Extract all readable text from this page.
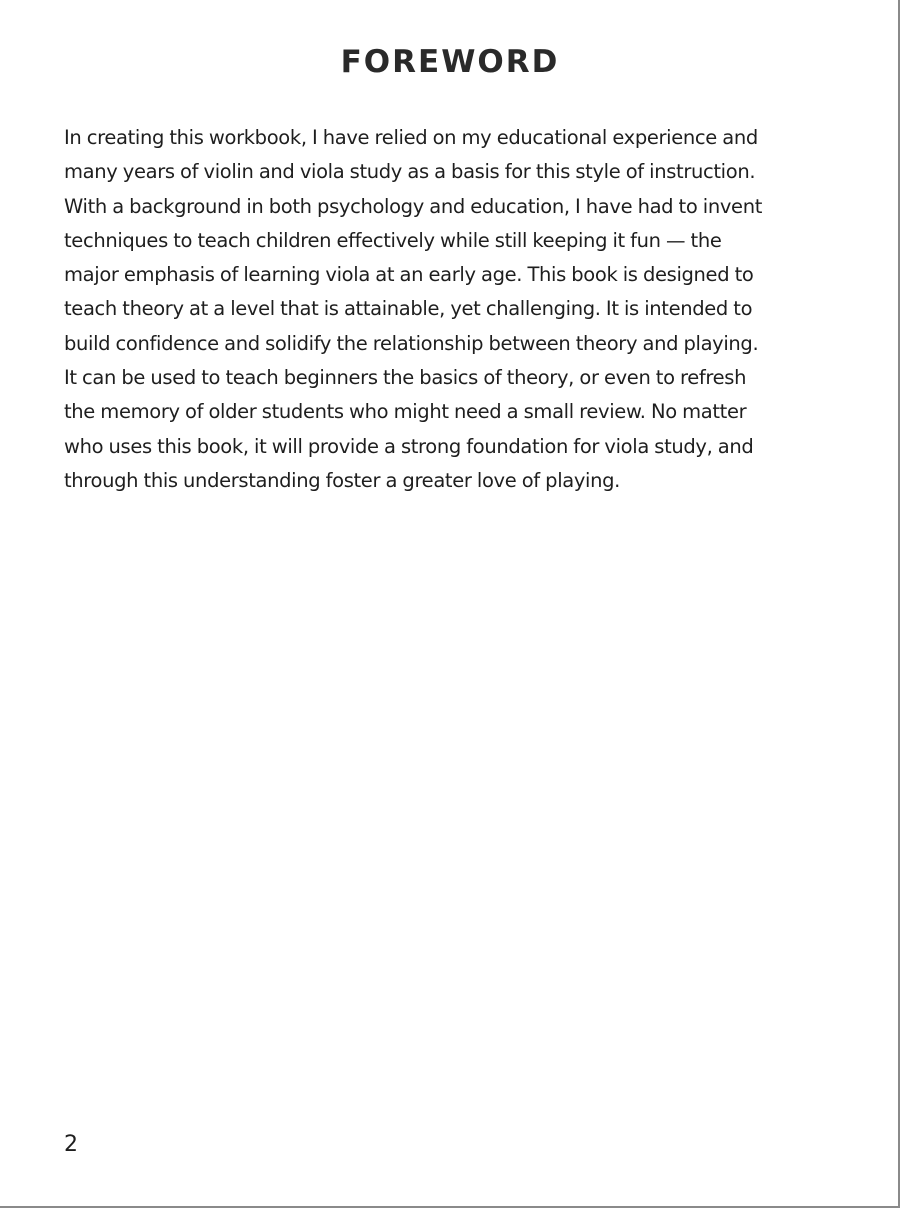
FOREWORD
In creating this workbook, I have relied on my educational experience and
many years of violin and viola study as a basis for this style of instruction.
With a background in both psychology and education, I have had to invent
techniques to teach children effectively while still keeping it fun — the
major emphasis of learning viola at an early age. This book is designed to
teach theory at a level that is attainable, yet challenging. It is intended to
build confidence and solidify the relationship between theory and playing.
It can be used to teach beginners the basics of theory, or even to refresh
the memory of older students who might need a small review. No matter
who uses this book, it will provide a strong foundation for viola study, and
through this understanding foster a greater love of playing.
2
